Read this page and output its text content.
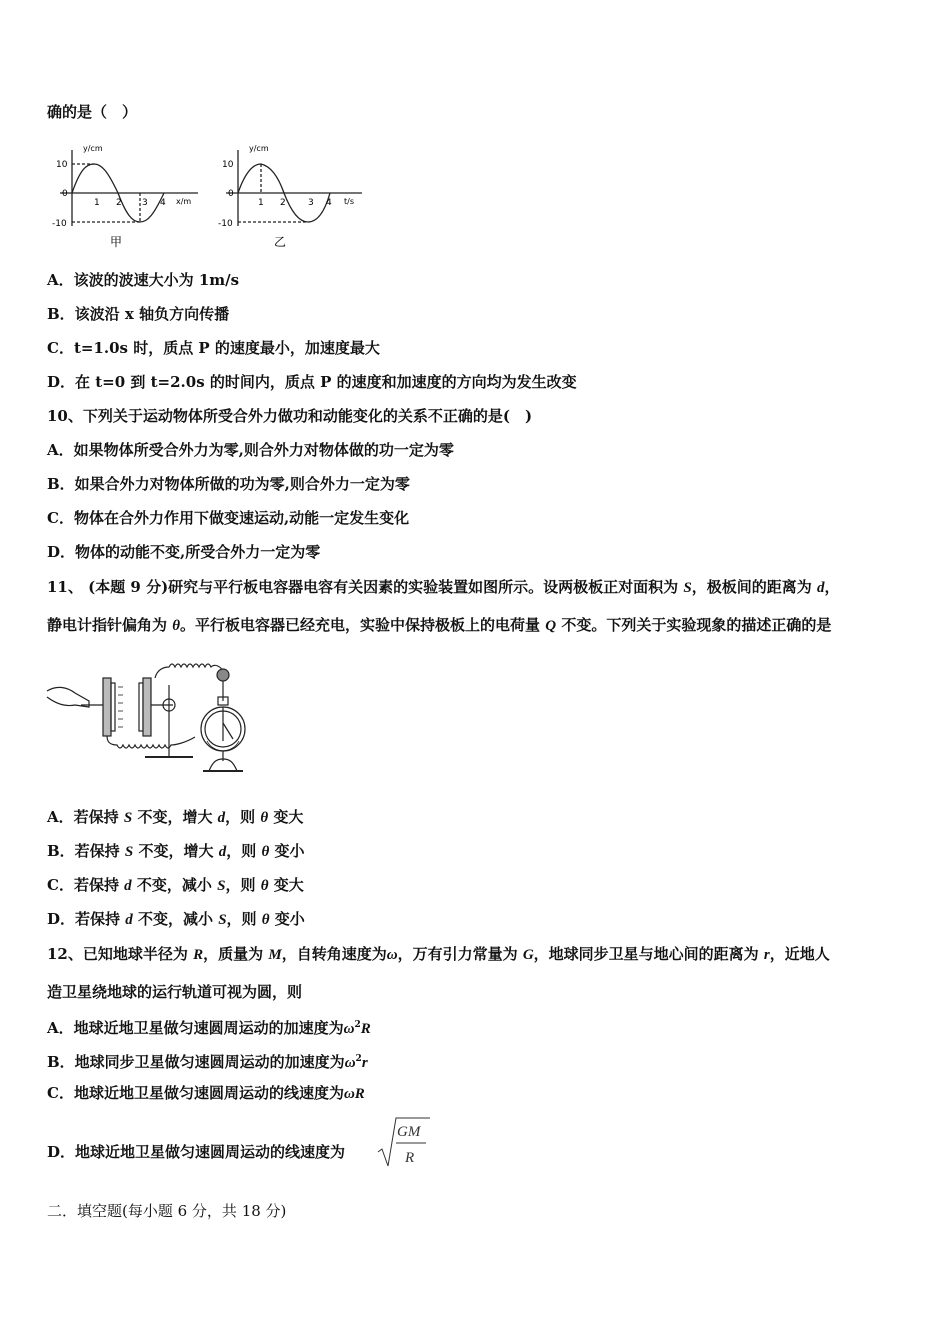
确的是（　）
y/cm
x/m
10
0
-10
1 2 3 4
甲
y/cm
t/s
10
0
-10
1 2 3 4
乙
A．该波的波速大小为 1m/s
B．该波沿 x 轴负方向传播
C．t=1.0s 时，质点 P 的速度最小，加速度最大
D．在 t=0 到 t=2.0s 的时间内，质点 P 的速度和加速度的方向均为发生改变
10、下列关于运动物体所受合外力做功和动能变化的关系不正确的是(　)
A．如果物体所受合外力为零,则合外力对物体做的功一定为零
B．如果合外力对物体所做的功为零,则合外力一定为零
C．物体在合外力作用下做变速运动,动能一定发生变化
D．物体的动能不变,所受合外力一定为零
11、 (本题 9 分)研究与平行板电容器电容有关因素的实验装置如图所示。设两极板正对面积为 S，极板间的距离为 d，
静电计指针偏角为 θ。平行板电容器已经充电，实验中保持极板上的电荷量 Q 不变。下列关于实验现象的描述正确的是
A．若保持 S 不变，增大 d，则 θ 变大
B．若保持 S 不变，增大 d，则 θ 变小
C．若保持 d 不变，减小 S，则 θ 变大
D．若保持 d 不变，减小 S，则 θ 变小
12、已知地球半径为 R，质量为 M，自转角速度为ω，万有引力常量为 G，地球同步卫星与地心间的距离为 r，近地人
造卫星绕地球的运行轨道可视为圆，则
A．地球近地卫星做匀速圆周运动的加速度为$\omega^2R$
B．地球同步卫星做匀速圆周运动的加速度为$\omega^2r$
C．地球近地卫星做匀速圆周运动的线速度为ωR
D．地球近地卫星做匀速圆周运动的线速度为
GM
R
二．填空题(每小题 6 分，共 18 分)
